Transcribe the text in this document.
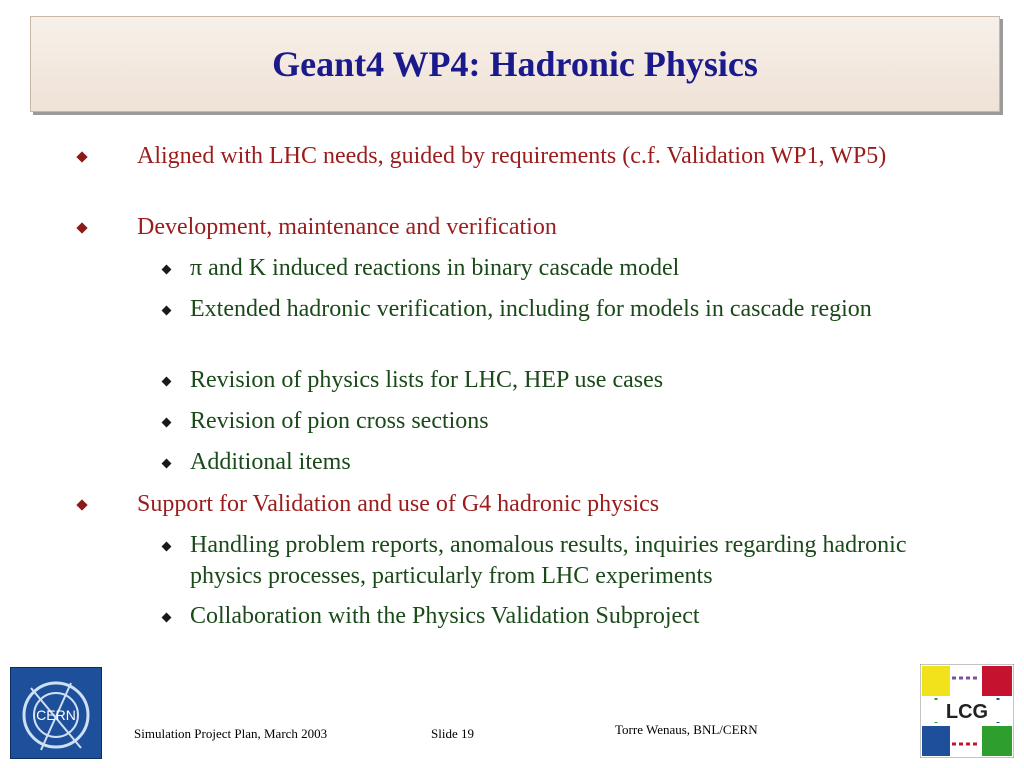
Geant4 WP4: Hadronic Physics
Aligned with LHC needs, guided by requirements (c.f. Validation WP1, WP5)
Development, maintenance and verification
π and K induced reactions in binary cascade model
Extended hadronic verification, including for models in cascade region
Revision of physics lists for LHC, HEP use cases
Revision of pion cross sections
Additional items
Support for Validation and use of G4 hadronic physics
Handling problem reports, anomalous results, inquiries regarding hadronic physics processes, particularly from LHC experiments
Collaboration with the Physics Validation Subproject
CERN
Simulation Project Plan, March 2003	Slide 19	Torre Wenaus, BNL/CERN
LCG
